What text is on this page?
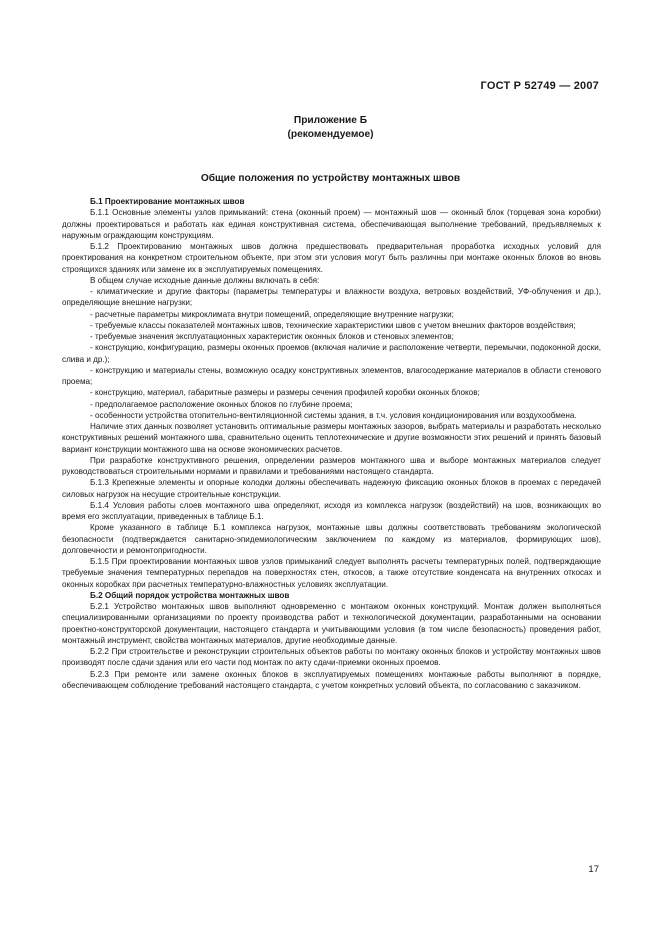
ГОСТ Р 52749 — 2007
Приложение Б
(рекомендуемое)
Общие положения по устройству монтажных швов

Б.1 Проектирование монтажных швов

Б.1.1 Основные элементы узлов примыканий: стена (оконный проем) — монтажный шов — оконный блок (торцевая зона коробки) должны проектироваться и работать как единая конструктивная система, обеспечивающая выполнение требований, предъявляемых к наружным ограждающим конструкциям.

Б.1.2 Проектированию монтажных швов должна предшествовать предварительная проработка исходных условий для проектирования на конкретном строительном объекте, при этом эти условия могут быть различны при монтаже оконных блоков во вновь строящихся зданиях или замене их в эксплуатируемых помещениях.

В общем случае исходные данные должны включать в себя:

- климатические и другие факторы (параметры температуры и влажности воздуха, ветровых воздействий, УФ-облучения и др.), определяющие внешние нагрузки;

- расчетные параметры микроклимата внутри помещений, определяющие внутренние нагрузки;

- требуемые классы показателей монтажных швов, технические характеристики швов с учетом внешних факторов воздействия;

- требуемые значения эксплуатационных характеристик оконных блоков и стеновых элементов;

- конструкцию, конфигурацию, размеры оконных проемов (включая наличие и расположение четверти, перемычки, подоконной доски, слива и др.);

- конструкцию и материалы стены, возможную осадку конструктивных элементов, влагосодержание материалов в области стенового проема;

- конструкцию, материал, габаритные размеры и размеры сечения профилей коробки оконных блоков;

- предполагаемое расположение оконных блоков по глубине проема;

- особенности устройства отопительно-вентиляционной системы здания, в т.ч. условия кондиционирования или воздухообмена.

Наличие этих данных позволяет установить оптимальные размеры монтажных зазоров, выбрать материалы и разработать несколько конструктивных решений монтажного шва, сравнительно оценить теплотехнические и другие возможности этих решений и принять базовый вариант конструкции монтажного шва на основе экономических расчетов.

При разработке конструктивного решения, определении размеров монтажного шва и выборе монтажных материалов следует руководствоваться строительными нормами и правилами и требованиями настоящего стандарта.

Б.1.3 Крепежные элементы и опорные колодки должны обеспечивать надежную фиксацию оконных блоков в проемах с передачей силовых нагрузок на несущие строительные конструкции.

Б.1.4 Условия работы слоев монтажного шва определяют, исходя из комплекса нагрузок (воздействий) на шов, возникающих во время его эксплуатации, приведенных в таблице Б.1.

Кроме указанного в таблице Б.1 комплекса нагрузок, монтажные швы должны соответствовать требованиям экологической безопасности (подтверждается санитарно-эпидемиологическим заключением по каждому из материалов, формирующих шов), долговечности и ремонтопригодности.

Б.1.5 При проектировании монтажных швов узлов примыканий следует выполнять расчеты температурных полей, подтверждающие требуемые значения температурных перепадов на поверхностях стен, откосов, а также отсутствие конденсата на внутренних откосах и оконных коробках при расчетных температурно-влажностных условиях эксплуатации.

Б.2 Общий порядок устройства монтажных швов

Б.2.1 Устройство монтажных швов выполняют одновременно с монтажом оконных конструкций. Монтаж должен выполняться специализированными организациями по проекту производства работ и технологической документации, разработанными на основании проектно-конструкторской документации, настоящего стандарта и учитывающими условия (в том числе безопасность) проведения работ, монтажный инструмент, свойства монтажных материалов, другие необходимые данные.

Б.2.2 При строительстве и реконструкции строительных объектов работы по монтажу оконных блоков и устройству монтажных швов производят после сдачи здания или его части под монтаж по акту сдачи-приемки оконных проемов.

Б.2.3 При ремонте или замене оконных блоков в эксплуатируемых помещениях монтажные работы выполняют в порядке, обеспечивающем соблюдение требований настоящего стандарта, с учетом конкретных условий объекта, по согласованию с заказчиком.

17
